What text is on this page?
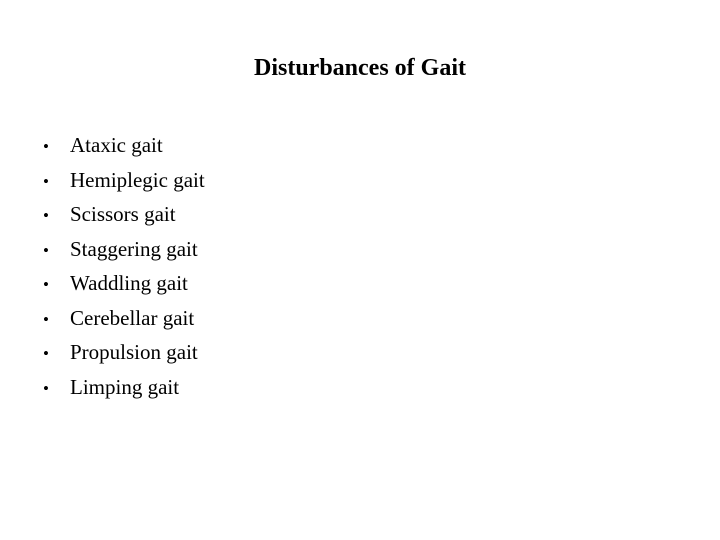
Disturbances of Gait
•	Ataxic gait
•	Hemiplegic gait
•	Scissors gait
•	Staggering gait
•	Waddling gait
•	Cerebellar gait
•	Propulsion gait
•	Limping gait
